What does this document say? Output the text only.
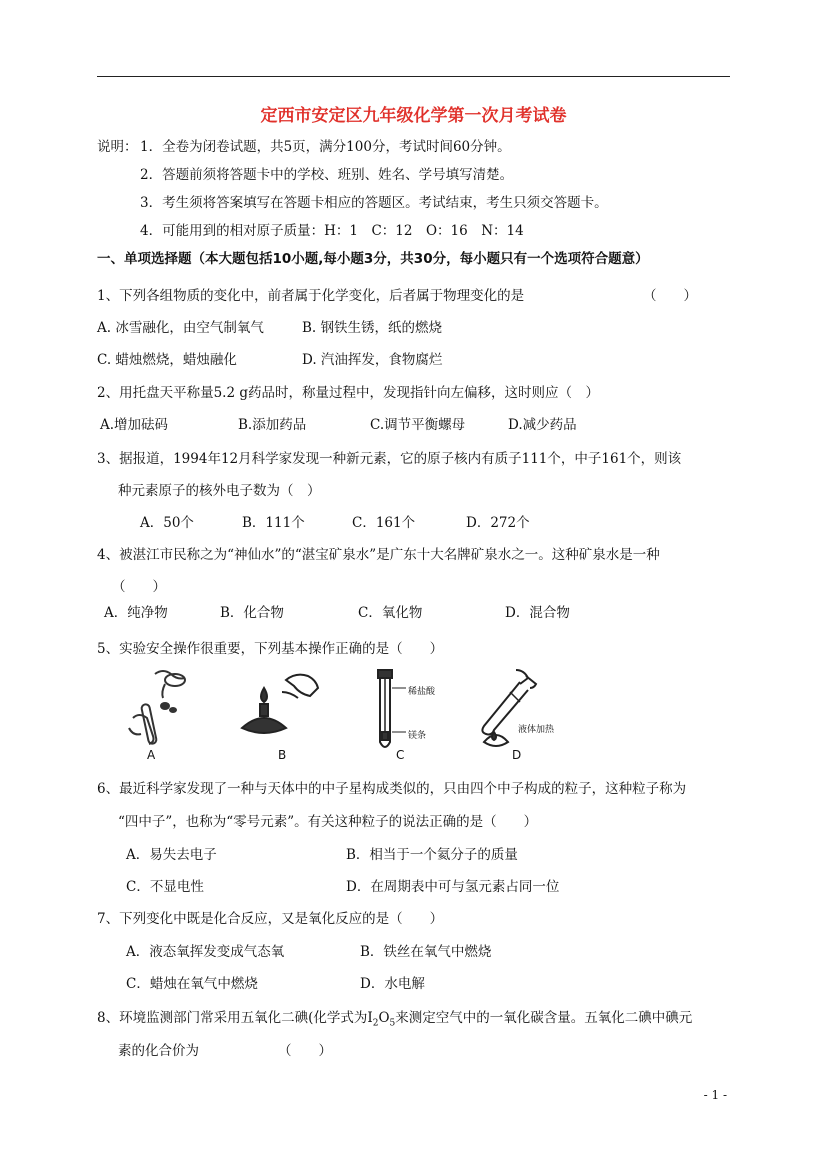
定西市安定区九年级化学第一次月考试卷
说明： 1．全卷为闭卷试题，共5页，满分100分，考试时间60分钟。
2．答题前须将答题卡中的学校、班别、姓名、学号填写清楚。
3．考生须将答案填写在答题卡相应的答题区。考试结束，考生只须交答题卡。
4．可能用到的相对原子质量：H：1　C：12　O：16　N：14
一、单项选择题（本大题包括10小题,每小题3分，共30分，每小题只有一个选项符合题意）
1、下列各组物质的变化中，前者属于化学变化，后者属于物理变化的是	（　　）
A. 冰雪融化，由空气制氧气	B. 钢铁生锈，纸的燃烧
C. 蜡烛燃烧，蜡烛融化	D. 汽油挥发，食物腐烂
2、用托盘天平称量5.2 g药品时，称量过程中，发现指针向左偏移，这时则应（　）
A.增加砝码	B.添加药品	C.调节平衡螺母	D.减少药品
3、据报道，1994年12月科学家发现一种新元素，它的原子核内有质子111个，中子161个，则该
种元素原子的核外电子数为（　）
A．50个	B．111个	C．161个	D．272个
4、被湛江市民称之为“神仙水”的“湛宝矿泉水”是广东十大名牌矿泉水之一。这种矿泉水是一种
（　　）
A．纯净物	B．化合物	C．氧化物	D．混合物
5、实验安全操作很重要，下列基本操作正确的是（　　）
A	B
稀盐酸
镁条
C
液体加热
D
6、最近科学家发现了一种与天体中的中子星构成类似的，只由四个中子构成的粒子，这种粒子称为
“四中子”，也称为“零号元素”。有关这种粒子的说法正确的是（　　）
A．易失去电子	B．相当于一个氦分子的质量
C．不显电性	D．在周期表中可与氢元素占同一位
7、下列变化中既是化合反应，又是氧化反应的是（　　）
A．液态氧挥发变成气态氧	B．铁丝在氧气中燃烧
C．蜡烛在氧气中燃烧	D．水电解
8、环境监测部门常采用五氧化二碘(化学式为$I_2O_5$来测定空气中的一氧化碳含量。五氧化二碘中碘元
素的化合价为	（　　）
- 1 -
